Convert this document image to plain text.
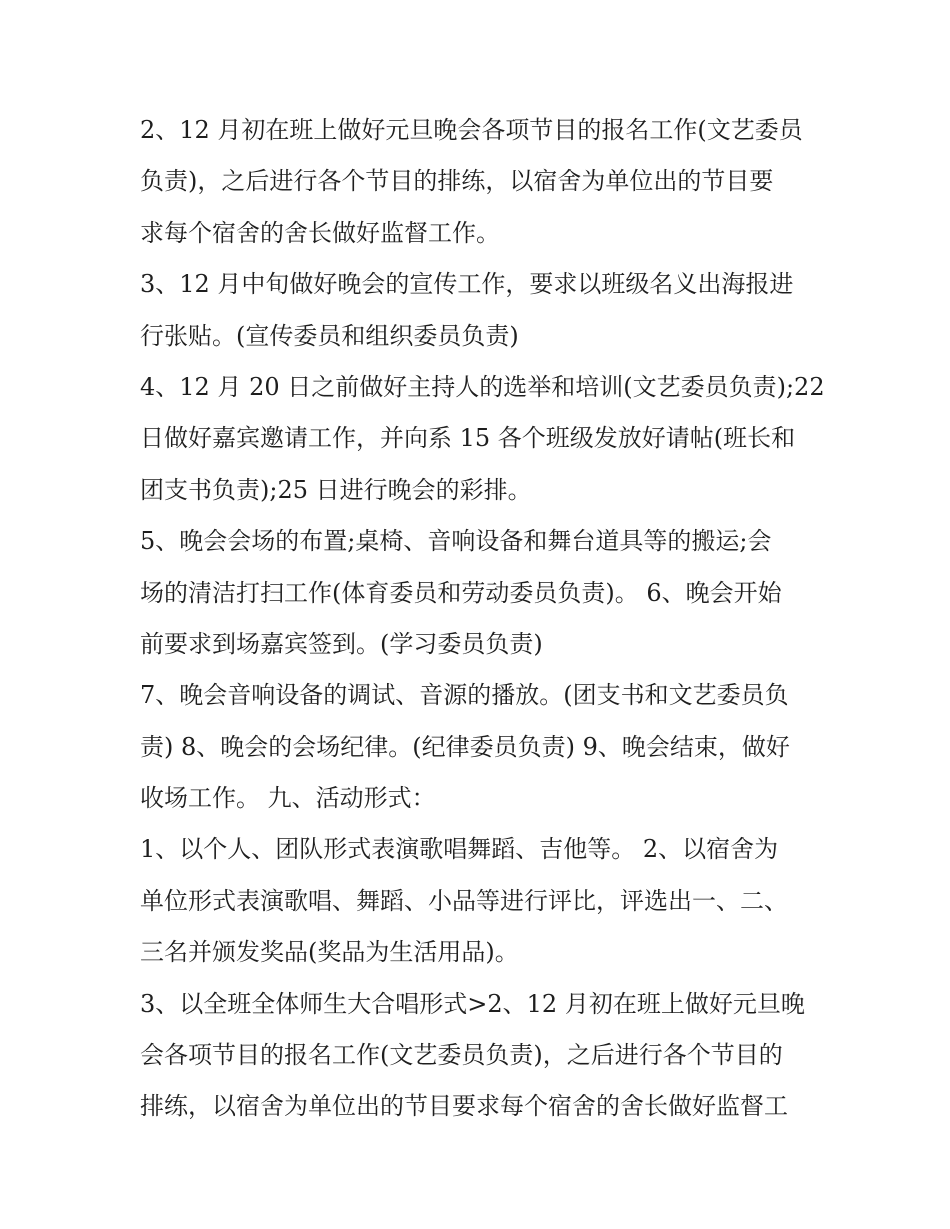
2、12 月初在班上做好元旦晚会各项节目的报名工作(文艺委员
负责)，之后进行各个节目的排练，以宿舍为单位出的节目要
求每个宿舍的舍长做好监督工作。
3、12 月中旬做好晚会的宣传工作，要求以班级名义出海报进
行张贴。(宣传委员和组织委员负责)
4、12 月 20 日之前做好主持人的选举和培训(文艺委员负责);22
日做好嘉宾邀请工作，并向系 15 各个班级发放好请帖(班长和
团支书负责);25 日进行晚会的彩排。
5、晚会会场的布置;桌椅、音响设备和舞台道具等的搬运;会
场的清洁打扫工作(体育委员和劳动委员负责)。 6、晚会开始
前要求到场嘉宾签到。(学习委员负责)
7、晚会音响设备的调试、音源的播放。(团支书和文艺委员负
责) 8、晚会的会场纪律。(纪律委员负责) 9、晚会结束，做好
收场工作。 九、活动形式：
1、以个人、团队形式表演歌唱舞蹈、吉他等。 2、以宿舍为
单位形式表演歌唱、舞蹈、小品等进行评比，评选出一、二、
三名并颁发奖品(奖品为生活用品)。
3、以全班全体师生大合唱形式>2、12 月初在班上做好元旦晚
会各项节目的报名工作(文艺委员负责)，之后进行各个节目的
排练，以宿舍为单位出的节目要求每个宿舍的舍长做好监督工
